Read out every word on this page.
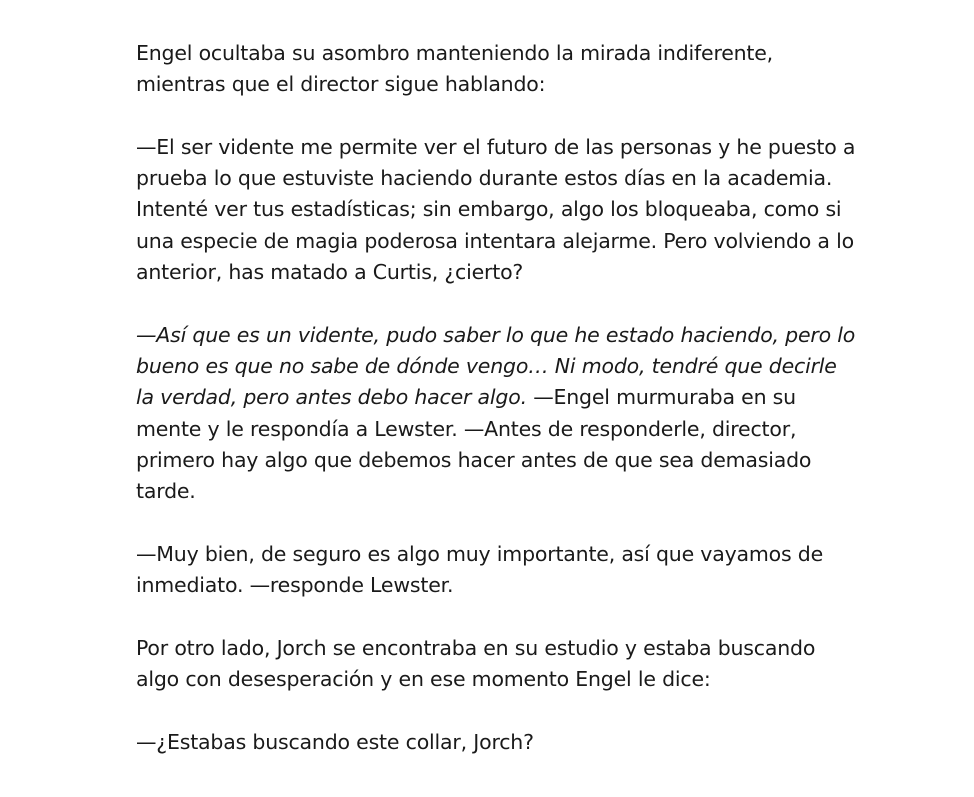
Engel ocultaba su asombro manteniendo la mirada indiferente, mientras que el director sigue hablando:

—El ser vidente me permite ver el futuro de las personas y he puesto a prueba lo que estuviste haciendo durante estos días en la academia. Intenté ver tus estadísticas; sin embargo, algo los bloqueaba, como si una especie de magia poderosa intentara alejarme. Pero volviendo a lo anterior, has matado a Curtis, ¿cierto?

—Así que es un vidente, pudo saber lo que he estado haciendo, pero lo bueno es que no sabe de dónde vengo… Ni modo, tendré que decirle la verdad, pero antes debo hacer algo. —Engel murmuraba en su mente y le respondía a Lewster. —Antes de responderle, director, primero hay algo que debemos hacer antes de que sea demasiado tarde.

—Muy bien, de seguro es algo muy importante, así que vayamos de inmediato. —responde Lewster.

Por otro lado, Jorch se encontraba en su estudio y estaba buscando algo con desesperación y en ese momento Engel le dice:

—¿Estabas buscando este collar, Jorch?
